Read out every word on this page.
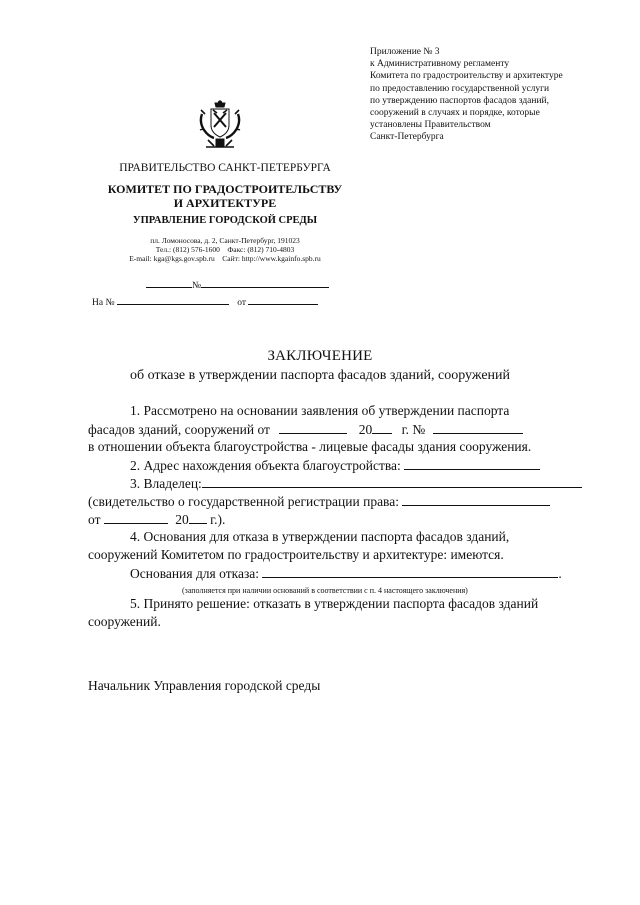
Приложение № 3
к Административному регламенту
Комитета по градостроительству и архитектуре
по предоставлению государственной услуги
по утверждению паспортов фасадов зданий,
сооружений в случаях и порядке, которые
установлены Правительством
Санкт-Петербурга
ПРАВИТЕЛЬСТВО САНКТ-ПЕТЕРБУРГА
КОМИТЕТ ПО ГРАДОСТРОИТЕЛЬСТВУ
И АРХИТЕКТУРЕ
УПРАВЛЕНИЕ ГОРОДСКОЙ СРЕДЫ
пл. Ломоносова, д. 2, Санкт-Петербург, 191023
Тел.: (812) 576-1600 Факс: (812) 710-4803
E-mail: kga@kgs.gov.spb.ru Сайт: http://www.kgainfo.spb.ru
№
На №	от
ЗАКЛЮЧЕНИЕ
об отказе в утверждении паспорта фасадов зданий, сооружений
1. Рассмотрено на основании заявления об утверждении паспорта
фасадов зданий, сооружений от	20 г. №
в отношении объекта благоустройства - лицевые фасады здания сооружения.
2. Адрес нахождения объекта благоустройства:
3. Владелец:
(свидетельство о государственной регистрации права:
от	20 г.).
4. Основания для отказа в утверждении паспорта фасадов зданий,
сооружений Комитетом по градостроительству и архитектуре: имеются.
Основания для отказа:	.
(заполняется при наличии оснований в соответствии с п. 4 настоящего заключения)
5. Принято решение: отказать в утверждении паспорта фасадов зданий
сооружений.
Начальник Управления городской среды
